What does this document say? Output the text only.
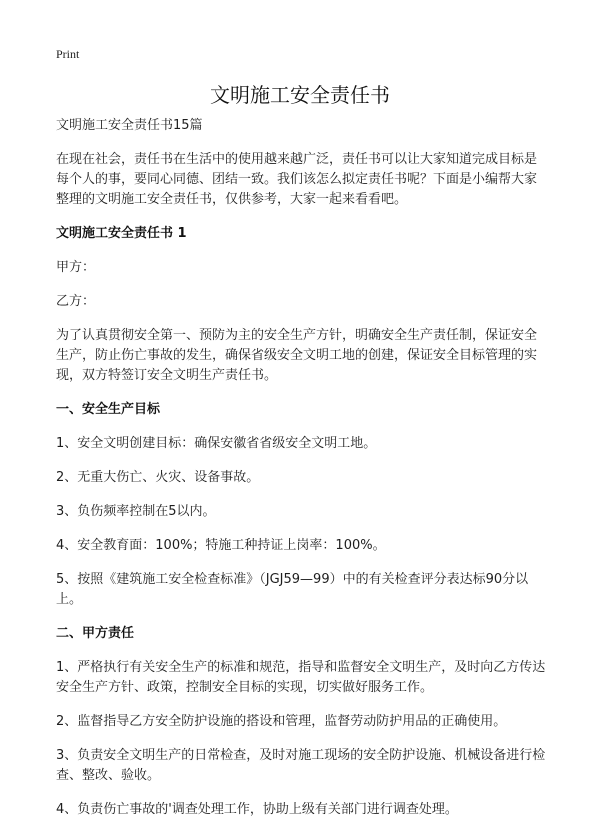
Print
文明施工安全责任书

文明施工安全责任书15篇

在现在社会，责任书在生活中的使用越来越广泛，责任书可以让大家知道完成目标是每个人的事，要同心同德、团结一致。我们该怎么拟定责任书呢？下面是小编帮大家整理的文明施工安全责任书，仅供参考，大家一起来看看吧。

文明施工安全责任书 1

甲方：

乙方：

为了认真贯彻安全第一、预防为主的安全生产方针，明确安全生产责任制，保证安全生产，防止伤亡事故的发生，确保省级安全文明工地的创建，保证安全目标管理的实现，双方特签订安全文明生产责任书。

一、安全生产目标

1、安全文明创建目标：确保安徽省省级安全文明工地。

2、无重大伤亡、火灾、设备事故。

3、负伤频率控制在5以内。

4、安全教育面：100%；特施工种持证上岗率：100%。

5、按照《建筑施工安全检查标准》（JGJ59—99）中的有关检查评分表达标90分以上。

二、甲方责任

1、严格执行有关安全生产的标准和规范，指导和监督安全文明生产，及时向乙方传达安全生产方针、政策，控制安全目标的实现，切实做好服务工作。

2、监督指导乙方安全防护设施的搭设和管理，监督劳动防护用品的正确使用。

3、负责安全文明生产的日常检查，及时对施工现场的安全防护设施、机械设备进行检查、整改、验收。

4、负责伤亡事故的'调查处理工作，协助上级有关部门进行调查处理。
